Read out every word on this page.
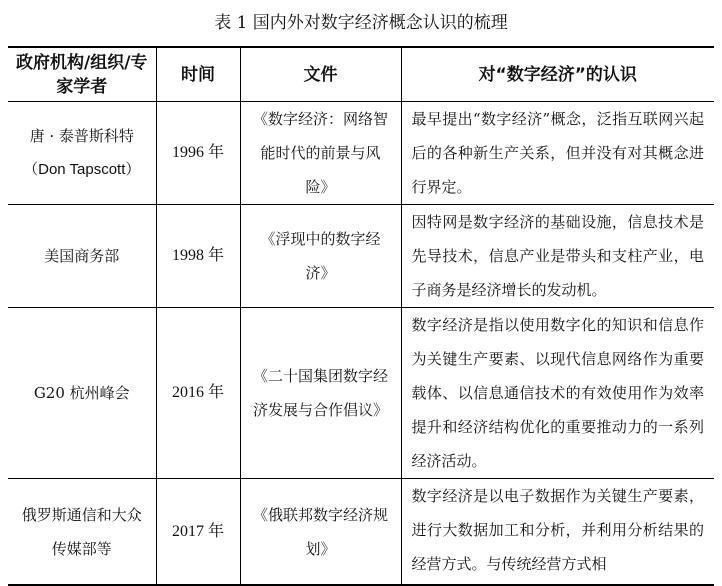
表 1 国内外对数字经济概念认识的梳理
政府机构/组织/专家学者	时间	文件	对“数字经济”的认识

唐 · 泰普斯科特
（Don Tapscott）	1996 年	《数字经济：网络智能时代的前景与风险》	最早提出“数字经济”概念，泛指互联网兴起后的各种新生产关系，但并没有对其概念进行界定。
美国商务部	1998 年	《浮现中的数字经济》	因特网是数字经济的基础设施，信息技术是先导技术，信息产业是带头和支柱产业，电子商务是经济增长的发动机。
G20 杭州峰会	2016 年	《二十国集团数字经济发展与合作倡议》	数字经济是指以使用数字化的知识和信息作为关键生产要素、以现代信息网络作为重要载体、以信息通信技术的有效使用作为效率提升和经济结构优化的重要推动力的一系列经济活动。
俄罗斯通信和大众传媒部等	2017 年	《俄联邦数字经济规划》	数字经济是以电子数据作为关键生产要素，进行大数据加工和分析，并利用分析结果的经营方式。与传统经营方式相
